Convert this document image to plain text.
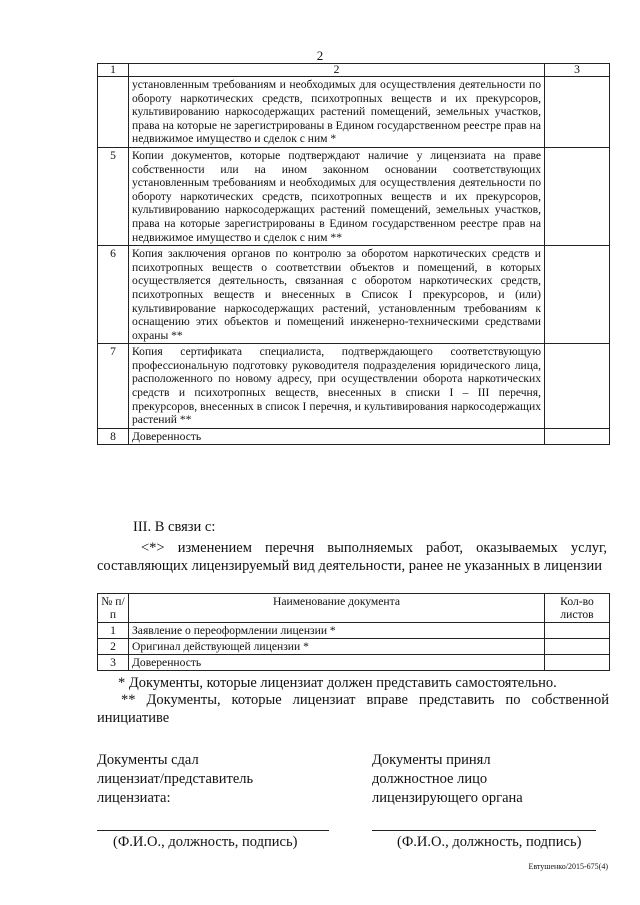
2
1	2	3
	установленным требованиям и необходимых для осуществления деятельности по обороту наркотических средств, психотропных веществ и их прекурсоров, культивированию наркосодержащих растений помещений, земельных участков, права на которые не зарегистрированы в Едином государственном реестре прав на недвижимое имущество и сделок с ним *	
5	Копии документов, которые подтверждают наличие у лицензиата на праве собственности или на ином законном основании соответствующих установленным требованиям и необходимых для осуществления деятельности по обороту наркотических средств, психотропных веществ и их прекурсоров, культивированию наркосодержащих растений помещений, земельных участков, права на которые зарегистрированы в Едином государственном реестре прав на недвижимое имущество и сделок с ним **	
6	Копия заключения органов по контролю за оборотом наркотических средств и психотропных веществ о соответствии объектов и помещений, в которых осуществляется деятельность, связанная с оборотом наркотических средств, психотропных веществ и внесенных в Список I прекурсоров, и (или) культивирование наркосодержащих растений, установленным требованиям к оснащению этих объектов и помещений инженерно-техническими средствами охраны **	
7	Копия сертификата специалиста, подтверждающего соответствующую профессиональную подготовку руководителя подразделения юридического лица, расположенного по новому адресу, при осуществлении оборота наркотических средств и психотропных веществ, внесенных в списки I – III перечня, прекурсоров, внесенных в список I перечня, и культивирования наркосодержащих растений **	
8	Доверенность	
III. В связи с:
<*> изменением перечня выполняемых работ, оказываемых услуг, составляющих лицензируемый вид деятельности, ранее не указанных в лицензии
№ п/п	Наименование документа	Кол-во листов
1	Заявление о переоформлении лицензии *	
2	Оригинал действующей лицензии *	
3	Доверенность	
* Документы, которые лицензиат должен представить самостоятельно.
** Документы, которые лицензиат вправе представить по собственной инициативе
Документы сдал
лицензиат/представитель
лицензиата:
Документы принял
должностное лицо
лицензирующего органа
(Ф.И.О., должность, подпись)	(Ф.И.О., должность, подпись)
Евтушенко/2015-675(4)
